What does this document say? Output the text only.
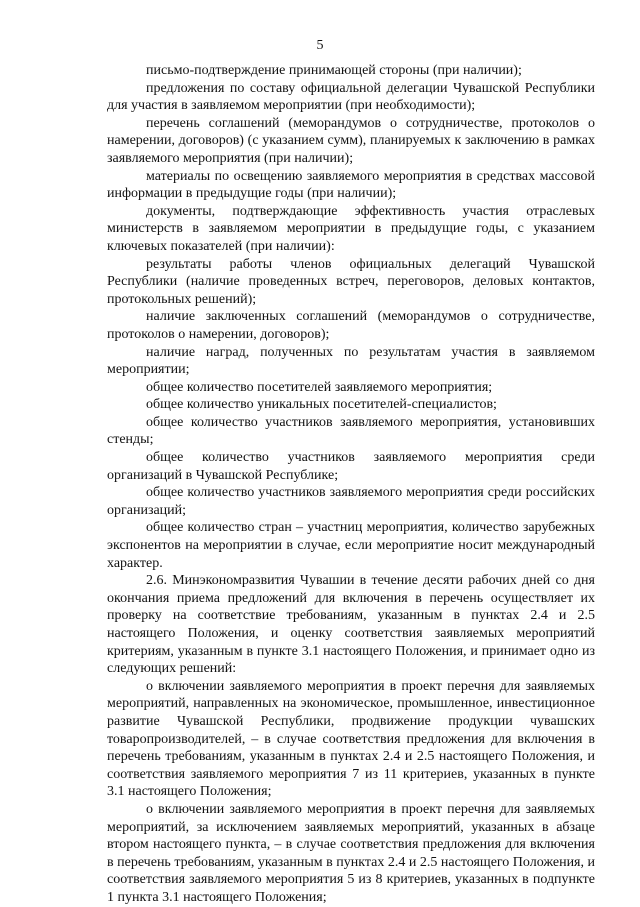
5

письмо-подтверждение принимающей стороны (при наличии);

предложения по составу официальной делегации Чувашской Республики для участия в заявляемом мероприятии (при необходимости);

перечень соглашений (меморандумов о сотрудничестве, протоколов о намерении, договоров) (с указанием сумм), планируемых к заключению в рамках заявляемого мероприятия (при наличии);

материалы по освещению заявляемого мероприятия в средствах массовой информации в предыдущие годы (при наличии);

документы, подтверждающие эффективность участия отраслевых министерств в заявляемом мероприятии в предыдущие годы, с указанием ключевых показателей (при наличии):

результаты работы членов официальных делегаций Чувашской Республики (наличие проведенных встреч, переговоров, деловых контактов, протокольных решений);

наличие заключенных соглашений (меморандумов о сотрудничестве, протоколов о намерении, договоров);

наличие наград, полученных по результатам участия в заявляемом мероприятии;

общее количество посетителей заявляемого мероприятия;

общее количество уникальных посетителей-специалистов;

общее количество участников заявляемого мероприятия, установивших стенды;

общее количество участников заявляемого мероприятия среди организаций в Чувашской Республике;

общее количество участников заявляемого мероприятия среди российских организаций;

общее количество стран – участниц мероприятия, количество зарубежных экспонентов на мероприятии в случае, если мероприятие носит международный характер.

2.6. Минэкономразвития Чувашии в течение десяти рабочих дней со дня окончания приема предложений для включения в перечень осуществляет их проверку на соответствие требованиям, указанным в пунктах 2.4 и 2.5 настоящего Положения, и оценку соответствия заявляемых мероприятий критериям, указанным в пункте 3.1 настоящего Положения, и принимает одно из следующих решений:

о включении заявляемого мероприятия в проект перечня для заявляемых мероприятий, направленных на экономическое, промышленное, инвестиционное развитие Чувашской Республики, продвижение продукции чувашских товаропроизводителей, – в случае соответствия предложения для включения в перечень требованиям, указанным в пунктах 2.4 и 2.5 настоящего Положения, и соответствия заявляемого мероприятия 7 из 11 критериев, указанных в пункте 3.1 настоящего Положения;

о включении заявляемого мероприятия в проект перечня для заявляемых мероприятий, за исключением заявляемых мероприятий, указанных в абзаце втором настоящего пункта, – в случае соответствия предложения для включения в перечень требованиям, указанным в пунктах 2.4 и 2.5 настоящего Положения, и соответствия заявляемого мероприятия 5 из 8 критериев, указанных в подпункте 1 пункта 3.1 настоящего Положения;
